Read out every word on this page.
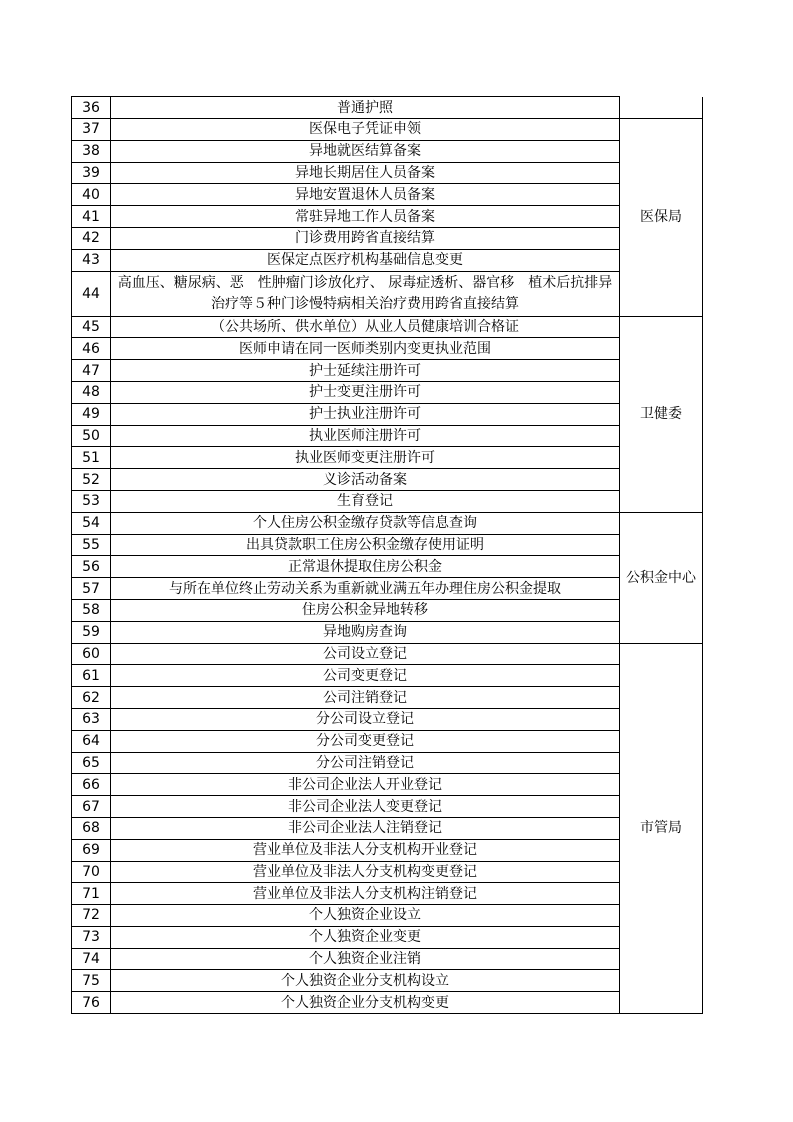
36	普通护照	
37	医保电子凭证申领	医保局
38	异地就医结算备案	
39	异地长期居住人员备案	
40	异地安置退休人员备案	
41	常驻异地工作人员备案	
42	门诊费用跨省直接结算	
43	医保定点医疗机构基础信息变更	
44	高血压、糖尿病、恶　性肿瘤门诊放化疗、 尿毒症透析、器官移　植术后抗排异治疗等５种门诊慢特病相关治疗费用跨省直接结算	
45	（公共场所、供水单位）从业人员健康培训合格证	卫健委
46	医师申请在同一医师类别内变更执业范围	
47	护士延续注册许可	
48	护士变更注册许可	
49	护士执业注册许可	
50	执业医师注册许可	
51	执业医师变更注册许可	
52	义诊活动备案	
53	生育登记	
54	个人住房公积金缴存贷款等信息查询	公积金中心
55	出具贷款职工住房公积金缴存使用证明	
56	正常退休提取住房公积金	
57	与所在单位终止劳动关系为重新就业满五年办理住房公积金提取	
58	住房公积金异地转移	
59	异地购房查询	
60	公司设立登记	市管局
61	公司变更登记	
62	公司注销登记	
63	分公司设立登记	
64	分公司变更登记	
65	分公司注销登记	
66	非公司企业法人开业登记	
67	非公司企业法人变更登记	
68	非公司企业法人注销登记	
69	营业单位及非法人分支机构开业登记	
70	营业单位及非法人分支机构变更登记	
71	营业单位及非法人分支机构注销登记	
72	个人独资企业设立	
73	个人独资企业变更	
74	个人独资企业注销	
75	个人独资企业分支机构设立	
76	个人独资企业分支机构变更	
